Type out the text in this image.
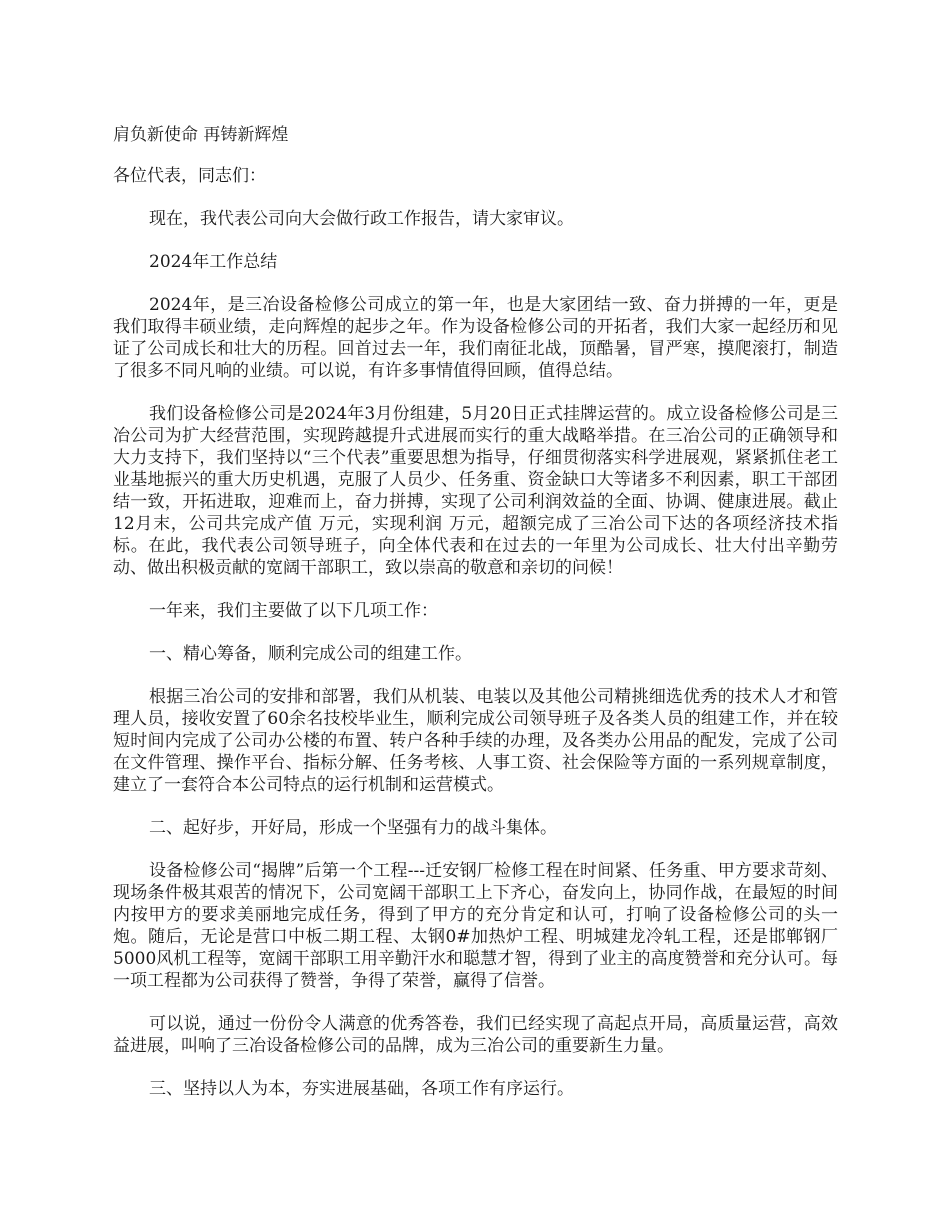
肩负新使命 再铸新辉煌

各位代表，同志们：

现在，我代表公司向大会做行政工作报告，请大家审议。

2024年工作总结

2024年，是三冶设备检修公司成立的第一年，也是大家团结一致、奋力拼搏的一年，更是我们取得丰硕业绩，走向辉煌的起步之年。作为设备检修公司的开拓者，我们大家一起经历和见证了公司成长和壮大的历程。回首过去一年，我们南征北战，顶酷暑，冒严寒，摸爬滚打，制造了很多不同凡响的业绩。可以说，有许多事情值得回顾，值得总结。

我们设备检修公司是2024年3月份组建，5月20日正式挂牌运营的。成立设备检修公司是三冶公司为扩大经营范围，实现跨越提升式进展而实行的重大战略举措。在三冶公司的正确领导和大力支持下，我们坚持以“三个代表”重要思想为指导，仔细贯彻落实科学进展观，紧紧抓住老工业基地振兴的重大历史机遇，克服了人员少、任务重、资金缺口大等诸多不利因素，职工干部团结一致，开拓进取，迎难而上，奋力拼搏，实现了公司利润效益的全面、协调、健康进展。截止12月末，公司共完成产值 万元，实现利润 万元，超额完成了三冶公司下达的各项经济技术指标。在此，我代表公司领导班子，向全体代表和在过去的一年里为公司成长、壮大付出辛勤劳动、做出积极贡献的宽阔干部职工，致以崇高的敬意和亲切的问候！

一年来，我们主要做了以下几项工作：

一、精心筹备，顺利完成公司的组建工作。

根据三冶公司的安排和部署，我们从机装、电装以及其他公司精挑细选优秀的技术人才和管理人员，接收安置了60余名技校毕业生，顺利完成公司领导班子及各类人员的组建工作，并在较短时间内完成了公司办公楼的布置、转户各种手续的办理，及各类办公用品的配发，完成了公司在文件管理、操作平台、指标分解、任务考核、人事工资、社会保险等方面的一系列规章制度，建立了一套符合本公司特点的运行机制和运营模式。

二、起好步，开好局，形成一个坚强有力的战斗集体。

设备检修公司“揭牌”后第一个工程---迁安钢厂检修工程在时间紧、任务重、甲方要求苛刻、现场条件极其艰苦的情况下，公司宽阔干部职工上下齐心，奋发向上，协同作战，在最短的时间内按甲方的要求美丽地完成任务，得到了甲方的充分肯定和认可，打响了设备检修公司的头一炮。随后，无论是营口中板二期工程、太钢0#加热炉工程、明城建龙冷轧工程，还是邯郸钢厂5000风机工程等，宽阔干部职工用辛勤汗水和聪慧才智，得到了业主的高度赞誉和充分认可。每一项工程都为公司获得了赞誉，争得了荣誉，赢得了信誉。

可以说，通过一份份令人满意的优秀答卷，我们已经实现了高起点开局，高质量运营，高效益进展，叫响了三冶设备检修公司的品牌，成为三冶公司的重要新生力量。

三、坚持以人为本，夯实进展基础，各项工作有序运行。
